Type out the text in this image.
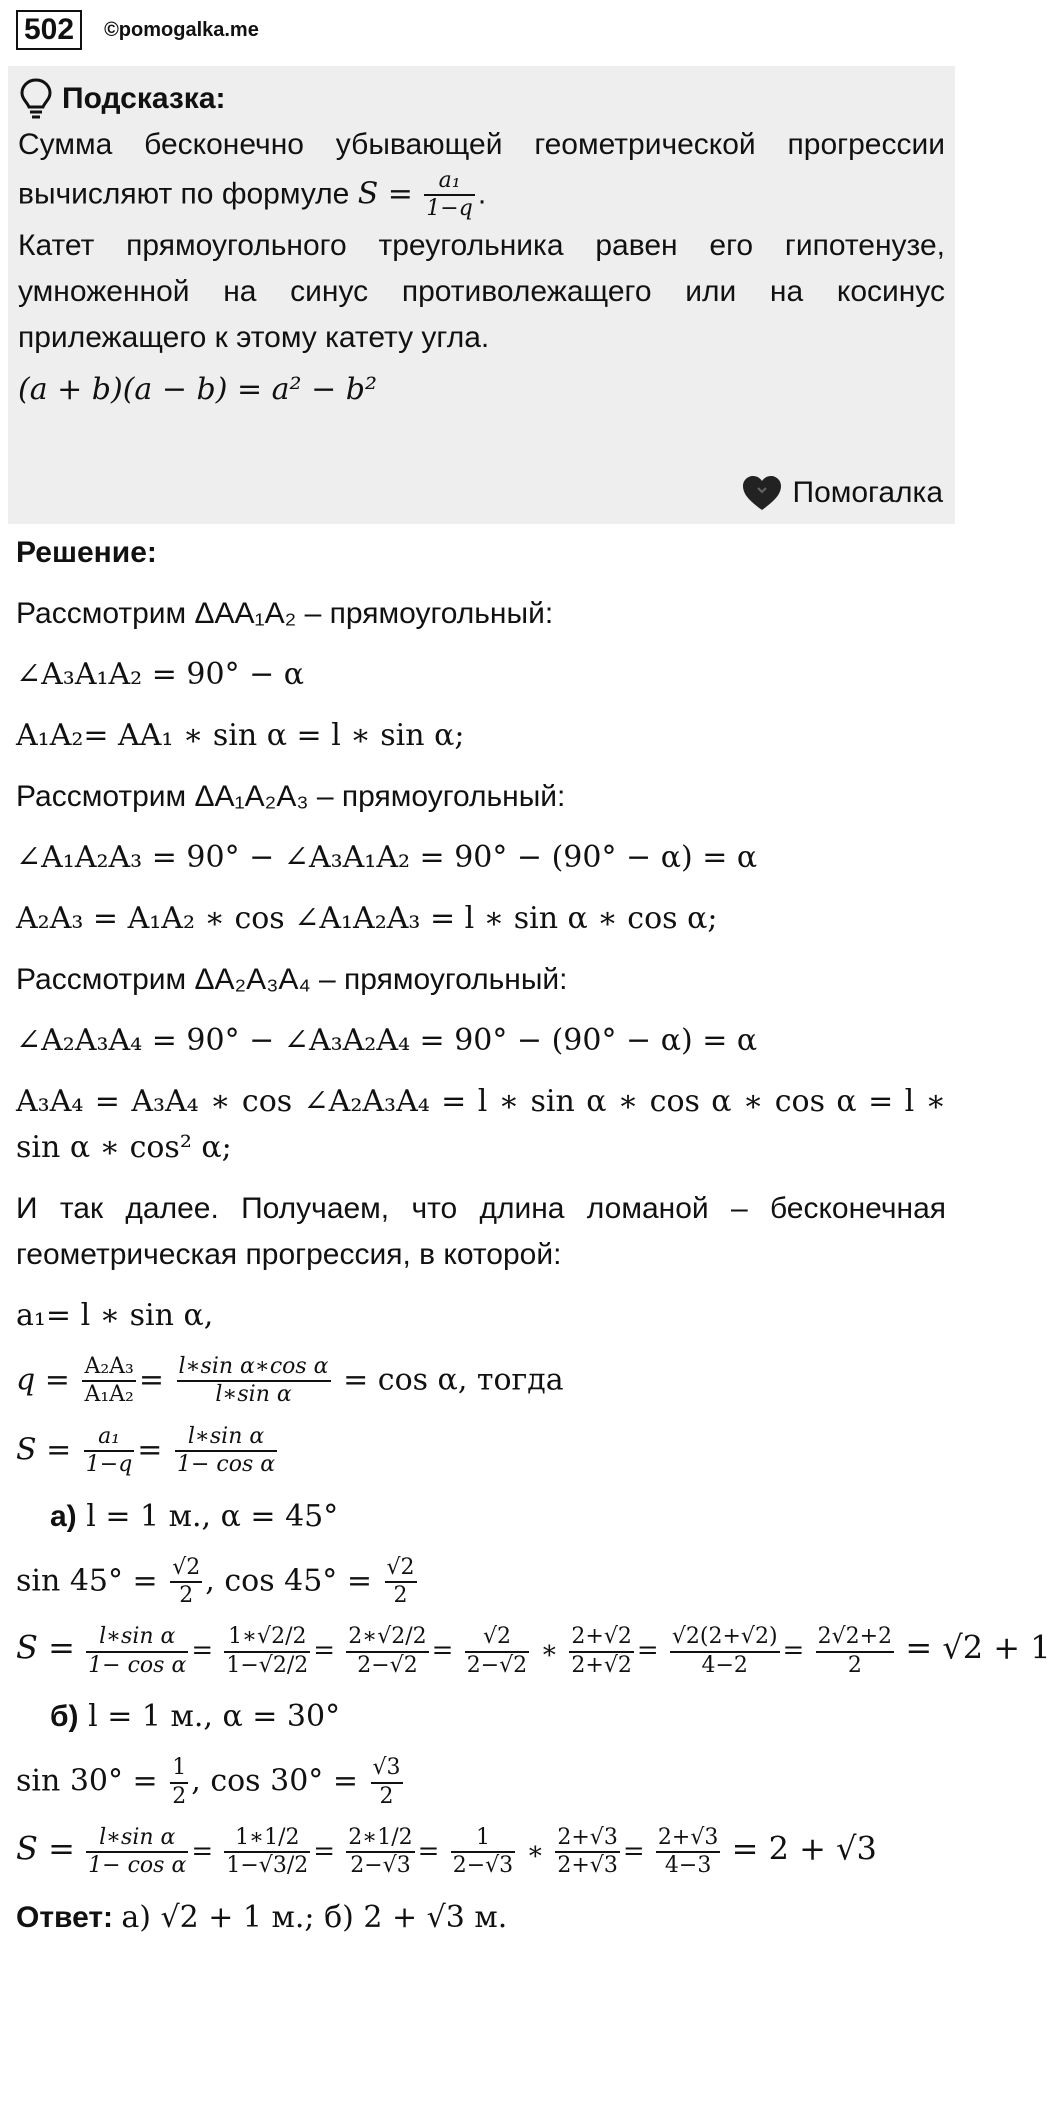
502	©pomogalka.me
Подсказка:
Сумма бесконечно убывающей геометрической прогрессии вычисляют по формуле $S = \frac{\text{a₁}}{1-q}$ .
Катет прямоугольного треугольника равен его гипотенузе, умноженной на синус противолежащего или на косинус прилежащего к этому катету угла.
(a + b)(a − b) = a² − b²
Помогалка
Решение:
Рассмотрим ΔAA₁A₂ – прямоугольный:
∠A₃A₁A₂ = 90° − α
A₁A₂= AA₁ ∗ sin α = l ∗ sin α;
Рассмотрим ΔA₁A₂A₃ – прямоугольный:
∠A₁A₂A₃ = 90° − ∠A₃A₁A₂ = 90° − (90° − α) = α
A₂A₃ = A₁A₂ ∗ cos ∠A₁A₂A₃ = l ∗ sin α ∗ cos α;
Рассмотрим ΔA₂A₃A₄ – прямоугольный:
∠A₂A₃A₄ = 90° − ∠A₃A₂A₄ = 90° − (90° − α) = α
A₃A₄ = A₃A₄ ∗ cos ∠A₂A₃A₄ = l ∗ sin α ∗ cos α ∗ cos α = l ∗ sin α ∗ cos² α;
И так далее. Получаем, что длина ломаной – бесконечная геометрическая прогрессия, в которой:
a₁= l ∗ sin α,
$q = \frac{\text{A₂A₃}}{\text{A₁A₂}} = \frac{\text{l∗sin α∗cos α}}{\text{l∗sin α}} = \cos \alpha$, тогда
$S = \frac{\text{a₁}}{1-q} = \frac{\text{l∗sin α}}{\text{1− cos α}}$
а) l = 1 м., α = 45°
$\sin 45^\circ = \frac{√2}{2}$ , $\cos 45^\circ = \frac{√2}{2}$
$S = \frac{\text{l∗sin α}}{\text{1− cos α}} = \frac{1∗√2/2}{1-√2/2} = \frac{2∗√2/2}{2-√2} = \frac{√2}{2-√2}$ ∗ $\frac{2+√2}{2+√2} = \frac{√2(2+√2)}{4-2} = \frac{2√2+2}{2} = √2 + 1$
б) l = 1 м., α = 30°
$\sin 30^\circ = \frac{1}{2}$ , $\cos 30^\circ = \frac{√3}{2}$
$S = \frac{\text{l∗sin α}}{\text{1− cos α}} = \frac{1∗1/2}{1-√3/2} = \frac{2∗1/2}{2-√3} = \frac{1}{2-√3}$ ∗ $\frac{2+√3}{2+√3} = \frac{2+√3}{4-3} = 2 + √3$
Ответ: а) √2 + 1 м.; б) 2 + √3 м.
